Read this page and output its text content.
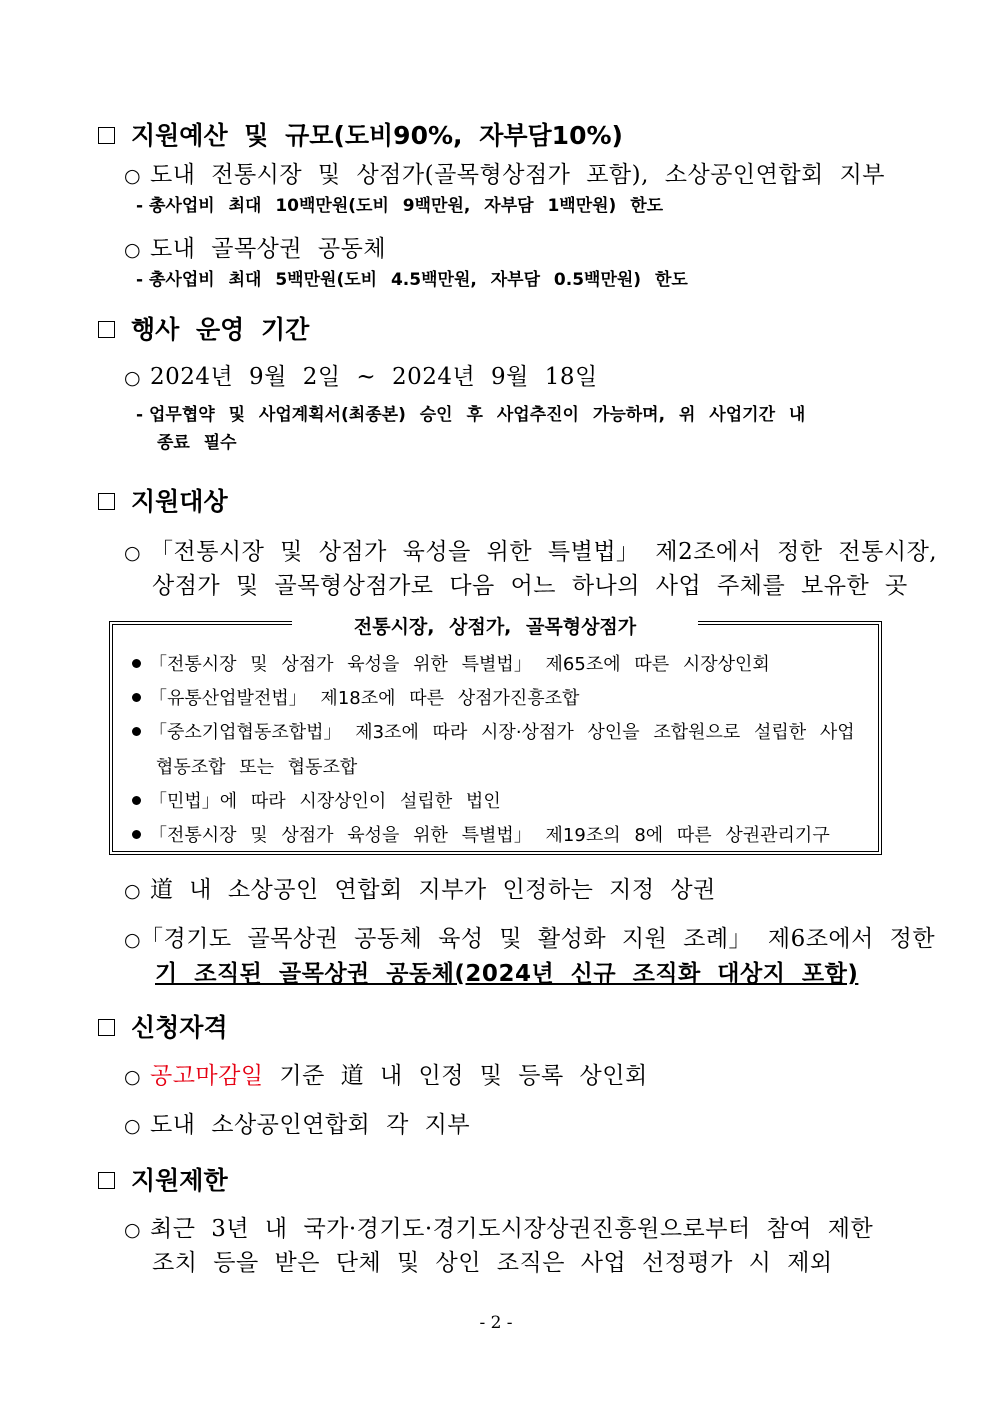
지원예산 및 규모(도비90%, 자부담10%)
○ 도내 전통시장 및 상점가(골목형상점가 포함), 소상공인연합회 지부
- 총사업비 최대 10백만원(도비 9백만원, 자부담 1백만원) 한도
○ 도내 골목상권 공동체
- 총사업비 최대 5백만원(도비 4.5백만원, 자부담 0.5백만원) 한도
행사 운영 기간
○ 2024년 9월 2일 ~ 2024년 9월 18일
- 업무협약 및 사업계획서(최종본) 승인 후 사업추진이 가능하며, 위 사업기간 내
종료 필수
지원대상
○ 「전통시장 및 상점가 육성을 위한 특별법」 제2조에서 정한 전통시장,
상점가 및 골목형상점가로 다음 어느 하나의 사업 주체를 보유한 곳
전통시장, 상점가, 골목형상점가
「전통시장 및 상점가 육성을 위한 특별법」 제65조에 따른 시장상인회
「유통산업발전법」 제18조에 따른 상점가진흥조합
「중소기업협동조합법」 제3조에 따라 시장·상점가 상인을 조합원으로 설립한 사업
협동조합 또는 협동조합
「민법」에 따라 시장상인이 설립한 법인
「전통시장 및 상점가 육성을 위한 특별법」 제19조의 8에 따른 상권관리기구
○ 道 내 소상공인 연합회 지부가 인정하는 지정 상권
○「경기도 골목상권 공동체 육성 및 활성화 지원 조례」 제6조에서 정한
기 조직된 골목상권 공동체(2024년 신규 조직화 대상지 포함)
신청자격
○ 공고마감일 기준 道 내 인정 및 등록 상인회
○ 도내 소상공인연합회 각 지부
지원제한
○ 최근 3년 내 국가·경기도·경기도시장상권진흥원으로부터 참여 제한
조치 등을 받은 단체 및 상인 조직은 사업 선정평가 시 제외
- 2 -
